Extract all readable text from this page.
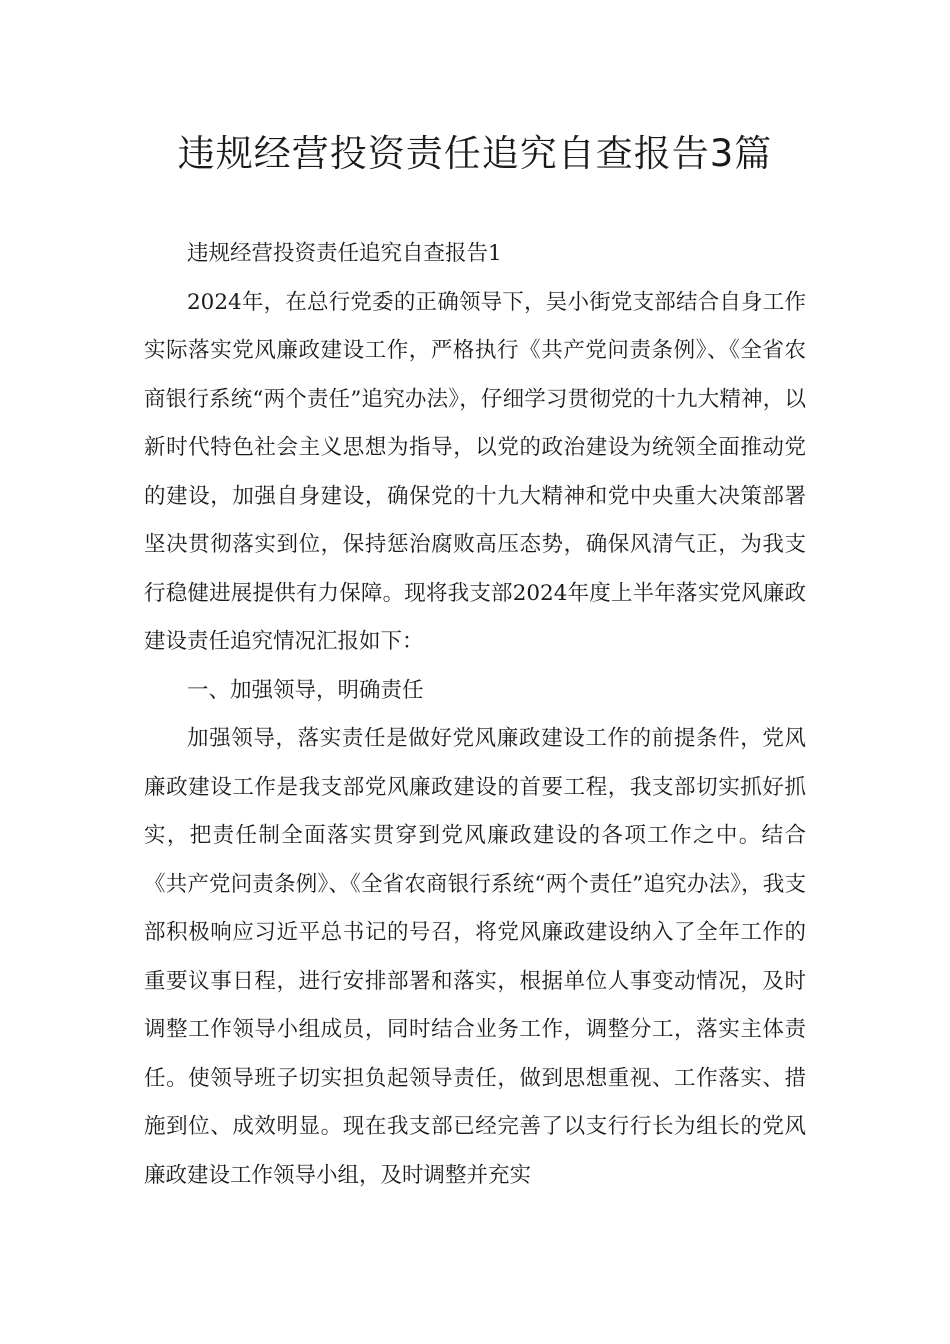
违规经营投资责任追究自查报告3篇

违规经营投资责任追究自查报告1

2024年，在总行党委的正确领导下，吴小街党支部结合自身工作实际落实党风廉政建设工作，严格执行《共产党问责条例》、《全省农商银行系统“两个责任”追究办法》，仔细学习贯彻党的十九大精神，以新时代特色社会主义思想为指导，以党的政治建设为统领全面推动党的建设，加强自身建设，确保党的十九大精神和党中央重大决策部署坚决贯彻落实到位，保持惩治腐败高压态势，确保风清气正，为我支行稳健进展提供有力保障。现将我支部2024年度上半年落实党风廉政建设责任追究情况汇报如下：

一、加强领导，明确责任

加强领导，落实责任是做好党风廉政建设工作的前提条件，党风廉政建设工作是我支部党风廉政建设的首要工程，我支部切实抓好抓实，把责任制全面落实贯穿到党风廉政建设的各项工作之中。结合《共产党问责条例》、《全省农商银行系统“两个责任”追究办法》，我支部积极响应习近平总书记的号召，将党风廉政建设纳入了全年工作的重要议事日程，进行安排部署和落实，根据单位人事变动情况，及时调整工作领导小组成员，同时结合业务工作，调整分工，落实主体责任。使领导班子切实担负起领导责任，做到思想重视、工作落实、措施到位、成效明显。现在我支部已经完善了以支行行长为组长的党风廉政建设工作领导小组，及时调整并充实
